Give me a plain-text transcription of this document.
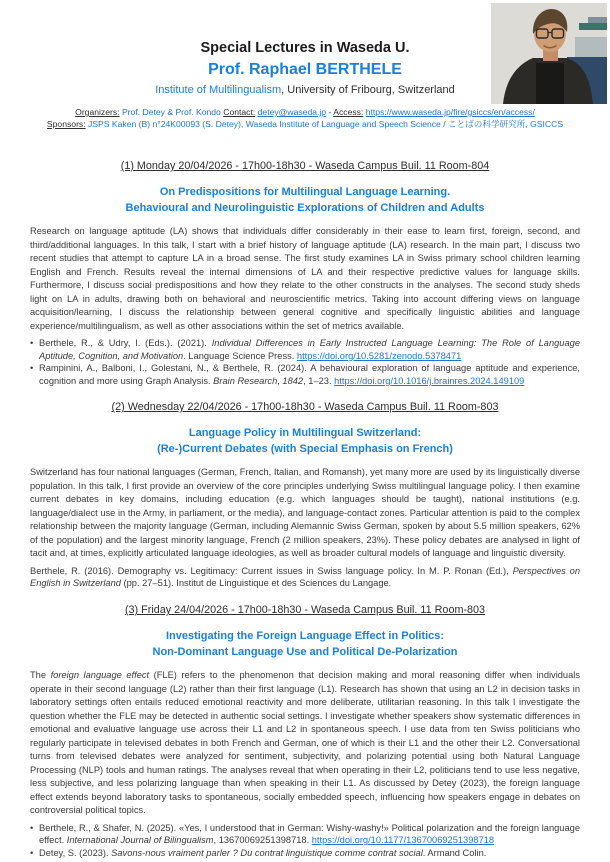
Special Lectures in Waseda U.
Prof. Raphael BERTHELE
Institute of Multilingualism, University of Fribourg, Switzerland
Organizers: Prof. Detey & Prof. Kondo Contact: detey@waseda.jp - Access: https://www.waseda.jp/fire/gsiccs/en/access/
Sponsors: JSPS Kaken (B) n°24K00093 (S. Detey), Waseda Institute of Language and Speech Science / ことばの科学研究所, GSICCS
(1) Monday 20/04/2026 - 17h00-18h30 - Waseda Campus Buil. 11 Room-804
On Predispositions for Multilingual Language Learning.
Behavioural and Neurolinguistic Explorations of Children and Adults

Research on language aptitude (LA) shows that individuals differ considerably in their ease to learn first, foreign, second, and third/additional languages. In this talk, I start with a brief history of language aptitude (LA) research. In the main part, I discuss two recent studies that attempt to capture LA in a broad sense. The first study examines LA in Swiss primary school children learning English and French. Results reveal the internal dimensions of LA and their respective predictive values for language skills. Furthermore, I discuss social predispositions and how they relate to the other constructs in the analyses. The second study sheds light on LA in adults, drawing both on behavioral and neuroscientific metrics. Taking into account differing views on language acquisition/learning, I discuss the relationship between general cognitive and specifically linguistic abilities and language experience/multilingualism, as well as other associations within the set of metrics available.

• Berthele, R., & Udry, I. (Eds.). (2021). Individual Differences in Early Instructed Language Learning: The Role of Language Aptitude, Cognition, and Motivation. Language Science Press. https://doi.org/10.5281/zenodo.5378471
• Rampinini, A., Balboni, I., Golestani, N., & Berthele, R. (2024). A behavioural exploration of language aptitude and experience, cognition and more using Graph Analysis. Brain Research, 1842, 1–23. https://doi.org/10.1016/j.brainres.2024.149109
(2) Wednesday 22/04/2026 - 17h00-18h30 - Waseda Campus Buil. 11 Room-803
Language Policy in Multilingual Switzerland:
(Re-)Current Debates (with Special Emphasis on French)

Switzerland has four national languages (German, French, Italian, and Romansh), yet many more are used by its linguistically diverse population. In this talk, I first provide an overview of the core principles underlying Swiss multilingual language policy. I then examine current debates in key domains, including education (e.g. which languages should be taught), national institutions (e.g. language/dialect use in the Army, in parliament, or the media), and language-contact zones. Particular attention is paid to the complex relationship between the majority language (German, including Alemannic Swiss German, spoken by about 5.5 million speakers, 62% of the population) and the largest minority language, French (2 million speakers, 23%). These policy debates are analysed in light of tacit and, at times, explicitly articulated language ideologies, as well as broader cultural models of language and linguistic diversity.

Berthele, R. (2016). Demography vs. Legitimacy: Current issues in Swiss language policy. In M. P. Ronan (Ed.), Perspectives on English in Switzerland (pp. 27–51). Institut de Linguistique et des Sciences du Langage.
(3) Friday 24/04/2026 - 17h00-18h30 - Waseda Campus Buil. 11 Room-803
Investigating the Foreign Language Effect in Politics:
Non-Dominant Language Use and Political De-Polarization

The foreign language effect (FLE) refers to the phenomenon that decision making and moral reasoning differ when individuals operate in their second language (L2) rather than their first language (L1). Research has shown that using an L2 in decision tasks in laboratory settings often entails reduced emotional reactivity and more deliberate, utilitarian reasoning. In this talk I investigate the question whether the FLE may be detected in authentic social settings. I investigate whether speakers show systematic differences in emotional and evaluative language use across their L1 and L2 in spontaneous speech. I use data from ten Swiss politicians who regularly participate in televised debates in both French and German, one of which is their L1 and the other their L2. Conversational turns from televised debates were analyzed for sentiment, subjectivity, and polarizing potential using both Natural Language Processing (NLP) tools and human ratings. The analyses reveal that when operating in their L2, politicians tend to use less negative, less subjective, and less polarizing language than when speaking in their L1. As discussed by Detey (2023), the foreign language effect extends beyond laboratory tasks to spontaneous, socially embedded speech, influencing how speakers engage in debates on controversial political topics.

• Berthele, R., & Shafer, N. (2025). «Yes, I understood that in German: Wishy-washy!» Political polarization and the foreign language effect. International Journal of Bilingualism, 13670069251398718. https://doi.org/10.1177/13670069251398718
• Detey, S. (2023). Savons-nous vraiment parler ? Du contrat linguistique comme contrat social. Armand Colin.
